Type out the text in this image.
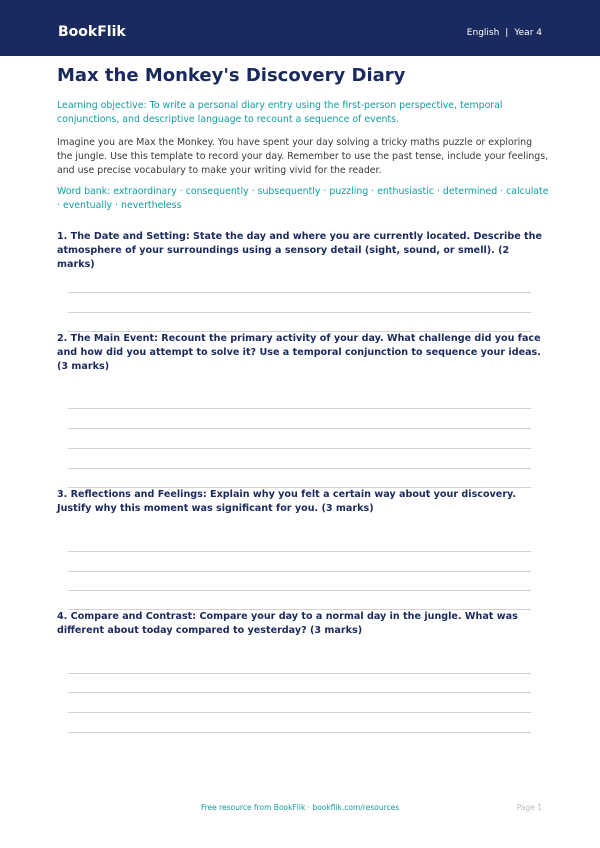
BookFlik	English | Year 4
Max the Monkey's Discovery Diary
Learning objective: To write a personal diary entry using the first-person perspective, temporal conjunctions, and descriptive language to recount a sequence of events.
Imagine you are Max the Monkey. You have spent your day solving a tricky maths puzzle or exploring the jungle. Use this template to record your day. Remember to use the past tense, include your feelings, and use precise vocabulary to make your writing vivid for the reader.
Word bank: extraordinary · consequently · subsequently · puzzling · enthusiastic · determined · calculate · eventually · nevertheless
1. The Date and Setting: State the day and where you are currently located. Describe the atmosphere of your surroundings using a sensory detail (sight, sound, or smell). (2 marks)
2. The Main Event: Recount the primary activity of your day. What challenge did you face and how did you attempt to solve it? Use a temporal conjunction to sequence your ideas. (3 marks)
3. Reflections and Feelings: Explain why you felt a certain way about your discovery. Justify why this moment was significant for you. (3 marks)
4. Compare and Contrast: Compare your day to a normal day in the jungle. What was different about today compared to yesterday? (3 marks)
Free resource from BookFlik · bookflik.com/resources	Page 1
